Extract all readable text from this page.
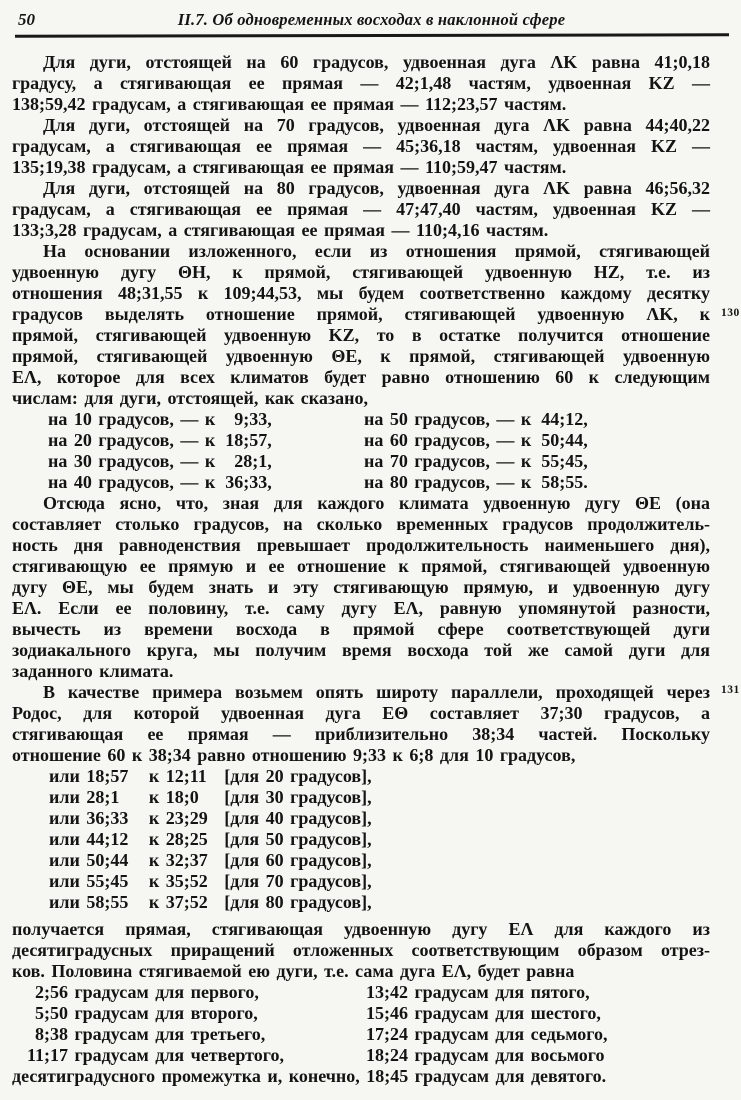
50	II.7. Об одновременных восходах в наклонной сфере
130
131
Для дуги, отстоящей на 60 градусов, удвоенная дуга ΛK равна 41;0,18
градусу, а стягивающая ее прямая — 42;1,48 частям, удвоенная KZ —
138;59,42 градусам, а стягивающая ее прямая — 112;23,57 частям.
Для дуги, отстоящей на 70 градусов, удвоенная дуга ΛK равна 44;40,22
градусам, а стягивающая ее прямая — 45;36,18 частям, удвоенная KZ —
135;19,38 градусам, а стягивающая ее прямая — 110;59,47 частям.
Для дуги, отстоящей на 80 градусов, удвоенная дуга ΛK равна 46;56,32
градусам, а стягивающая ее прямая — 47;47,40 частям, удвоенная KZ —
133;3,28 градусам, а стягивающая ее прямая — 110;4,16 частям.
На основании изложенного, если из отношения прямой, стягивающей
удвоенную дугу ΘH, к прямой, стягивающей удвоенную HZ, т.е. из
отношения 48;31,55 к 109;44,53, мы будем соответственно каждому десятку
градусов выделять отношение прямой, стягивающей удвоенную ΛK, к
прямой, стягивающей удвоенную KZ, то в остатке получится отношение
прямой, стягивающей удвоенную ΘE, к прямой, стягивающей удвоенную
EΛ, которое для всех климатов будет равно отношению 60 к следующим
числам: для дуги, отстоящей, как сказано,
на 10 градусов, — к 9;33,	на 50 градусов, — к 44;12,
на 20 градусов, — к 18;57,	на 60 градусов, — к 50;44,
на 30 градусов, — к 28;1,	на 70 градусов, — к 55;45,
на 40 градусов, — к 36;33,	на 80 градусов, — к 58;55.
Отсюда ясно, что, зная для каждого климата удвоенную дугу ΘE (она
составляет столько градусов, на сколько временных градусов продолжитель-
ность дня равноденствия превышает продолжительность наименьшего дня),
стягивающую ее прямую и ее отношение к прямой, стягивающей удвоенную
дугу ΘE, мы будем знать и эту стягивающую прямую, и удвоенную дугу
EΛ. Если ее половину, т.е. саму дугу EΛ, равную упомянутой разности,
вычесть из времени восхода в прямой сфере соответствующей дуги
зодиакального круга, мы получим время восхода той же самой дуги для
заданного климата.
В качестве примера возьмем опять широту параллели, проходящей через
Родос, для которой удвоенная дуга EΘ составляет 37;30 градусов, а
стягивающая ее прямая — приблизительно 38;34 частей. Поскольку
отношение 60 к 38;34 равно отношению 9;33 к 6;8 для 10 градусов,
или 18;57 к 12;11 [для 20 градусов],
или 28;1 к 18;0 [для 30 градусов],
или 36;33 к 23;29 [для 40 градусов],
или 44;12 к 28;25 [для 50 градусов],
или 50;44 к 32;37 [для 60 градусов],
или 55;45 к 35;52 [для 70 градусов],
или 58;55 к 37;52 [для 80 градусов],
получается прямая, стягивающая удвоенную дугу EΛ для каждого из
десятиградусных приращений отложенных соответствующим образом отрез-
ков. Половина стягиваемой ею дуги, т.е. сама дуга EΛ, будет равна
2;56 градусам для первого,	13;42 градусам для пятого,
5;50 градусам для второго,	15;46 градусам для шестого,
8;38 градусам для третьего,	17;24 градусам для седьмого,
11;17 градусам для четвертого,	18;24 градусам для восьмого
десятиградусного промежутка и, конечно, 18;45 градусам для девятого.
